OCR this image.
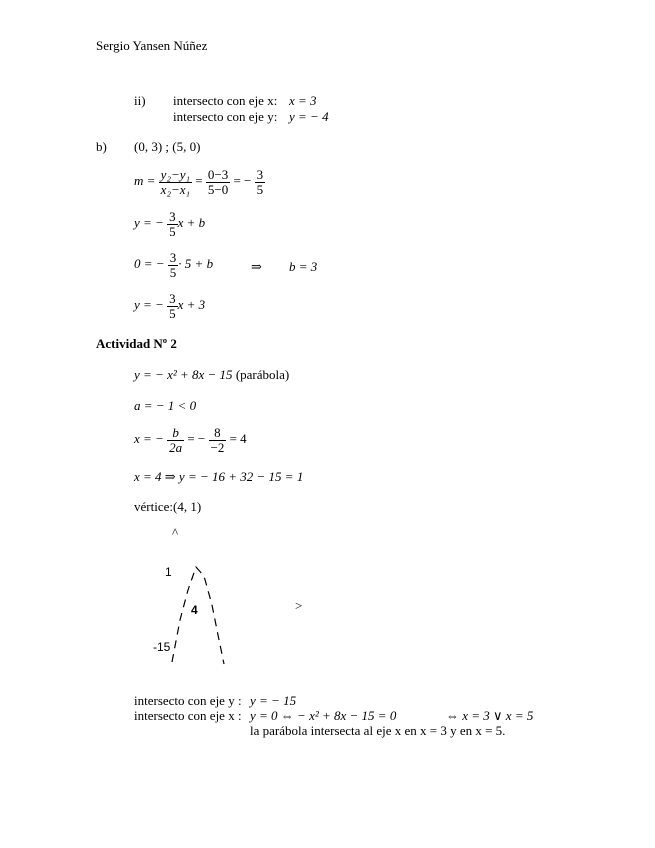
Sergio Yansen Núñez
ii) intersecto con eje x: x = 3
intersecto con eje y: y = − 4
b) (0, 3) ; (5, 0)
$m = \frac{\text{y₂−y₁}}{\text{x₂−x₁}} = \frac{0-3}{5-0}$ = − $\frac{3}{5}$
y = − $\frac{3}{5}$ x + b
0 = − $\frac{3}{5} \cdot 5 + b$	⇒ b = 3
y = − $\frac{3}{5}$ x + 3
Actividad Nº 2
y = − x² + 8x − 15 (parábola)
a = − 1 < 0
x = − $\frac{b}{2a}$ = − $\frac{8}{-2} = 4$
x = 4 ⇒ y = − 16 + 32 − 15 = 1
vértice:(4, 1)
^
>
1
4
-15
intersecto con eje y : y = − 15
intersecto con eje x : y = 0 ⇔ − x² + 8x − 15 = 0	⇔ x = 3 ∨ x = 5
la parábola intersecta al eje x en x = 3 y en x = 5.
